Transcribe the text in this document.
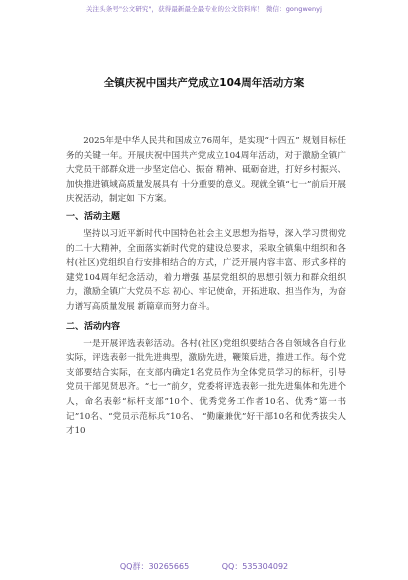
关注头条号"公文研究"，获得最新最全最专业的公文资料库！ 微信：gongwenyj
全镇庆祝中国共产党成立104周年活动方案

2025年是中华人民共和国成立76周年，是实现“十四五” 规划目标任务的关键一年。开展庆祝中国共产党成立104周年活动，对于激励全镇广大党员干部群众进一步坚定信心、振奋 精神、砥砺奋进，打好乡村振兴、加快推进镇域高质量发展具有 十分重要的意义。现就全镇“七一”前后开展庆祝活动，制定如 下方案。

一、活动主题

坚持以习近平新时代中国特色社会主义思想为指导，深入学习贯彻党的二十大精神，全面落实新时代党的建设总要求，采取全镇集中组织和各村(社区)党组织自行安排相结合的方式，广泛开展内容丰富、形式多样的建党104周年纪念活动，着力增强 基层党组织的思想引领力和群众组织力，激励全镇广大党员不忘 初心、牢记使命，开拓进取、担当作为，为奋力谱写高质量发展 新篇章而努力奋斗。

二、活动内容

一是开展评选表彰活动。各村(社区)党组织要结合各自领域各自行业实际，评选表彰一批先进典型，激励先进，鞭策后进，推进工作。每个党支部要结合实际，在支部内确定1名党员作为全体党员学习的标杆，引导党员干部见贤思齐。“七一”前夕，党委将评选表彰一批先进集体和先进个人，命名表彰“标杆支部”10个、优秀党务工作者10名、优秀“第一书记”10名、“党员示范标兵”10名、 “勤廉兼优”好干部10名和优秀拔尖人才10

QQ群：30265665	QQ：535304092
